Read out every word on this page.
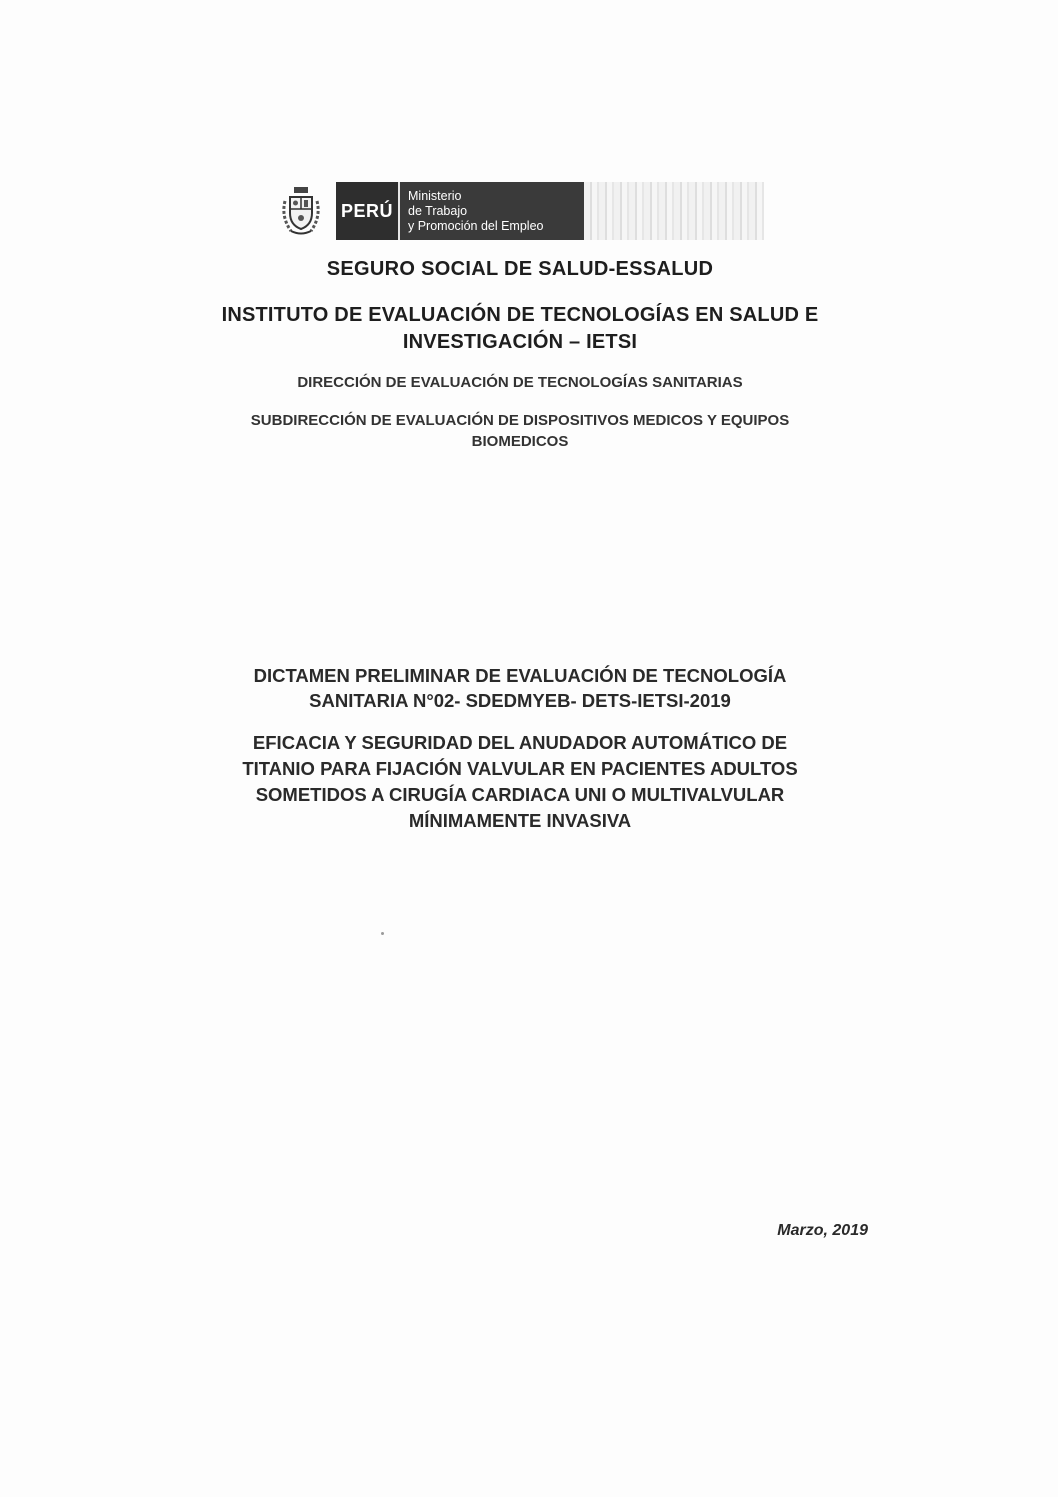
PERÚ
Ministerio
de Trabajo
y Promoción del Empleo
SEGURO SOCIAL DE SALUD-ESSALUD
INSTITUTO DE EVALUACIÓN DE TECNOLOGÍAS EN SALUD E
INVESTIGACIÓN – IETSI
DIRECCIÓN DE EVALUACIÓN DE TECNOLOGÍAS SANITARIAS
SUBDIRECCIÓN DE EVALUACIÓN DE DISPOSITIVOS MEDICOS Y EQUIPOS
BIOMEDICOS
DICTAMEN PRELIMINAR DE EVALUACIÓN DE TECNOLOGÍA
SANITARIA N°02- SDEDMYEB- DETS-IETSI-2019
EFICACIA Y SEGURIDAD DEL ANUDADOR AUTOMÁTICO DE
TITANIO PARA FIJACIÓN VALVULAR EN PACIENTES ADULTOS
SOMETIDOS A CIRUGÍA CARDIACA UNI O MULTIVALVULAR
MÍNIMAMENTE INVASIVA
Marzo, 2019
